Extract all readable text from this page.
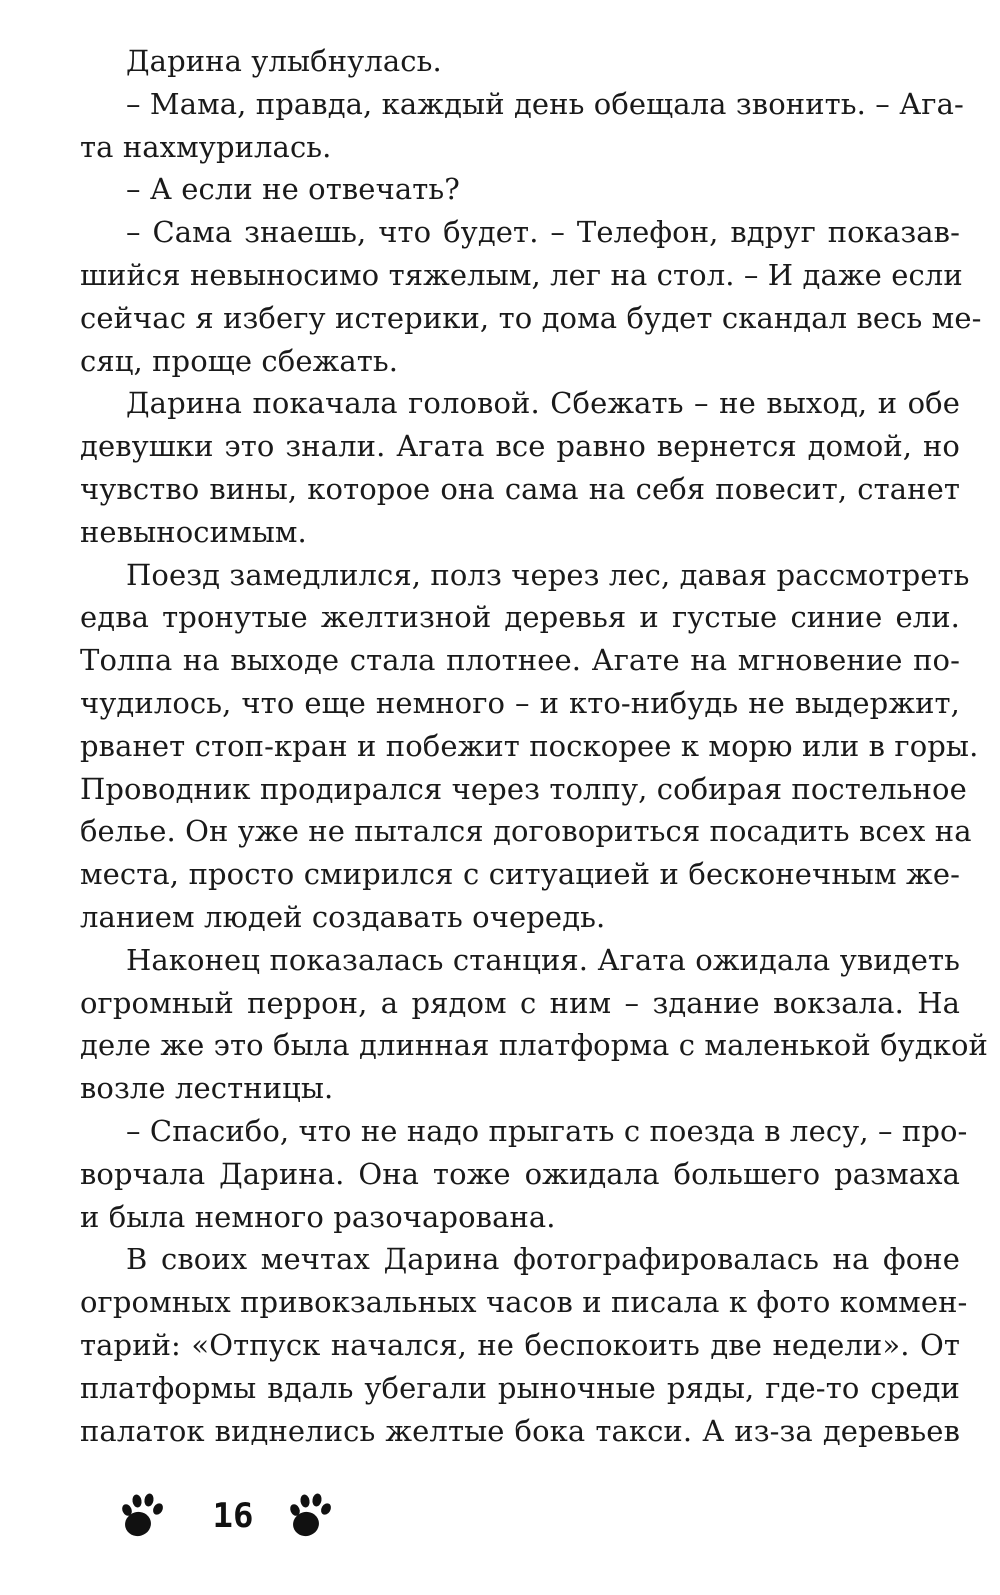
Дарина улыбнулась.
– Мама, правда, каждый день обещала звонить. – Ага-
та нахмурилась.
– А если не отвечать?
– Сама знаешь, что будет. – Телефон, вдруг показав-
шийся невыносимо тяжелым, лег на стол. – И даже если
сейчас я избегу истерики, то дома будет скандал весь ме-
сяц, проще сбежать.
Дарина покачала головой. Сбежать – не выход, и обе
девушки это знали. Агата все равно вернется домой, но
чувство вины, которое она сама на себя повесит, станет
невыносимым.
Поезд замедлился, полз через лес, давая рассмотреть
едва тронутые желтизной деревья и густые синие ели.
Толпа на выходе стала плотнее. Агате на мгновение по-
чудилось, что еще немного – и кто-нибудь не выдержит,
рванет стоп-кран и побежит поскорее к морю или в горы.
Проводник продирался через толпу, собирая постельное
белье. Он уже не пытался договориться посадить всех на
места, просто смирился с ситуацией и бесконечным же-
ланием людей создавать очередь.
Наконец показалась станция. Агата ожидала увидеть
огромный перрон, а рядом с ним – здание вокзала. На
деле же это была длинная платформа с маленькой будкой
возле лестницы.
– Спасибо, что не надо прыгать с поезда в лесу, – про-
ворчала Дарина. Она тоже ожидала большего размаха
и была немного разочарована.
В своих мечтах Дарина фотографировалась на фоне
огромных привокзальных часов и писала к фото коммен-
тарий: «Отпуск начался, не беспокоить две недели». От
платформы вдаль убегали рыночные ряды, где-то среди
палаток виднелись желтые бока такси. А из-за деревьев
16
